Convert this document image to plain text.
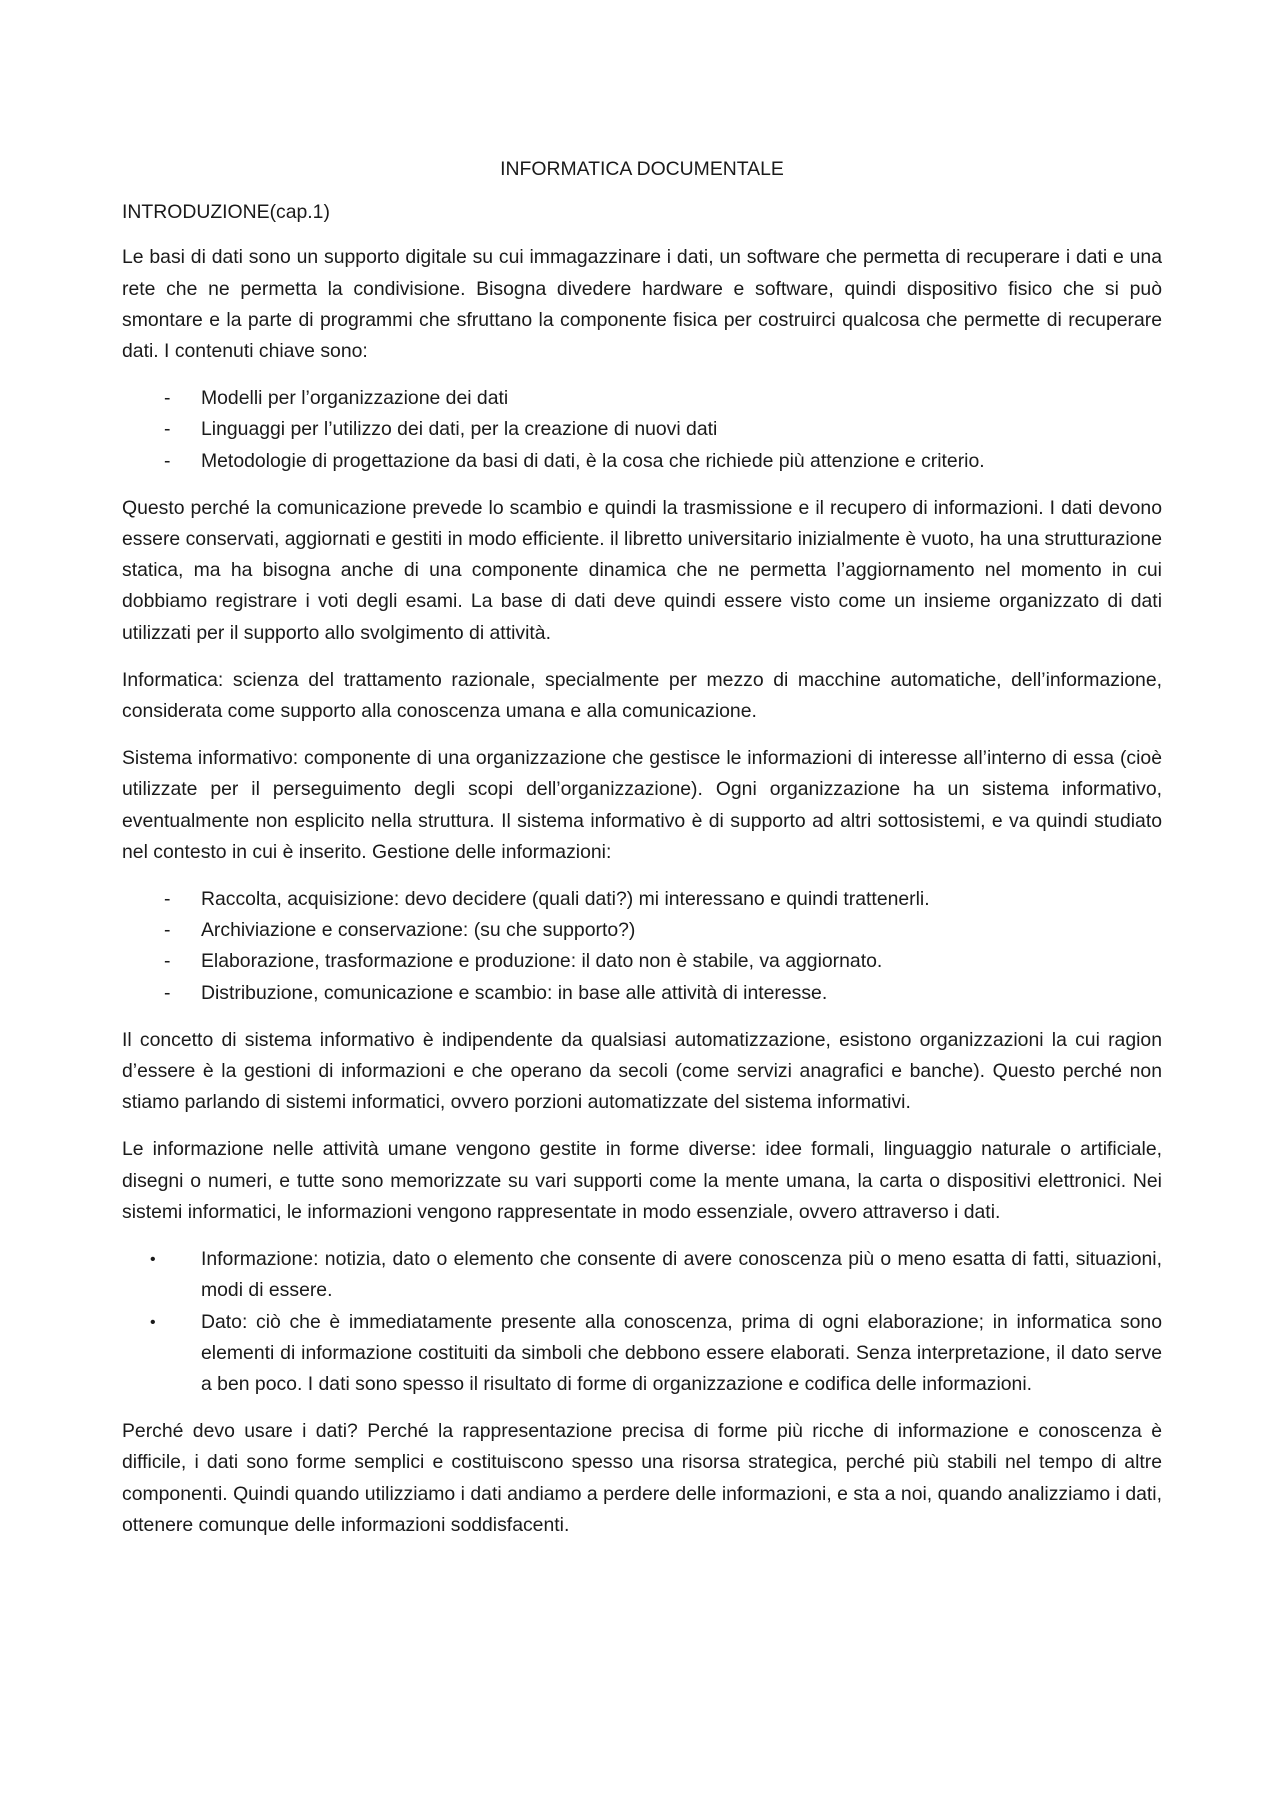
INFORMATICA DOCUMENTALE
INTRODUZIONE(cap.1)

Le basi di dati sono un supporto digitale su cui immagazzinare i dati, un software che permetta di recuperare i dati e una rete che ne permetta la condivisione. Bisogna divedere hardware e software, quindi dispositivo fisico che si può smontare e la parte di programmi che sfruttano la componente fisica per costruirci qualcosa che permette di recuperare dati. I contenuti chiave sono:

-	Modelli per l’organizzazione dei dati
-	Linguaggi per l’utilizzo dei dati, per la creazione di nuovi dati
-	Metodologie di progettazione da basi di dati, è la cosa che richiede più attenzione e criterio.

Questo perché la comunicazione prevede lo scambio e quindi la trasmissione e il recupero di informazioni. I dati devono essere conservati, aggiornati e gestiti in modo efficiente. il libretto universitario inizialmente è vuoto, ha una strutturazione statica, ma ha bisogna anche di una componente dinamica che ne permetta l’aggiornamento nel momento in cui dobbiamo registrare i voti degli esami. La base di dati deve quindi essere visto come un insieme organizzato di dati utilizzati per il supporto allo svolgimento di attività.

Informatica: scienza del trattamento razionale, specialmente per mezzo di macchine automatiche, dell’informazione, considerata come supporto alla conoscenza umana e alla comunicazione.

Sistema informativo: componente di una organizzazione che gestisce le informazioni di interesse all’interno di essa (cioè utilizzate per il perseguimento degli scopi dell’organizzazione). Ogni organizzazione ha un sistema informativo, eventualmente non esplicito nella struttura. Il sistema informativo è di supporto ad altri sottosistemi, e va quindi studiato nel contesto in cui è inserito. Gestione delle informazioni:

-	Raccolta, acquisizione: devo decidere (quali dati?) mi interessano e quindi trattenerli.
-	Archiviazione e conservazione: (su che supporto?)
-	Elaborazione, trasformazione e produzione: il dato non è stabile, va aggiornato.
-	Distribuzione, comunicazione e scambio: in base alle attività di interesse.

Il concetto di sistema informativo è indipendente da qualsiasi automatizzazione, esistono organizzazioni la cui ragion d’essere è la gestioni di informazioni e che operano da secoli (come servizi anagrafici e banche). Questo perché non stiamo parlando di sistemi informatici, ovvero porzioni automatizzate del sistema informativi.

Le informazione nelle attività umane vengono gestite in forme diverse: idee formali, linguaggio naturale o artificiale, disegni o numeri, e tutte sono memorizzate su vari supporti come la mente umana, la carta o dispositivi elettronici. Nei sistemi informatici, le informazioni vengono rappresentate in modo essenziale, ovvero attraverso i dati.

•	Informazione: notizia, dato o elemento che consente di avere conoscenza più o meno esatta di fatti, situazioni, modi di essere.
•	Dato: ciò che è immediatamente presente alla conoscenza, prima di ogni elaborazione; in informatica sono elementi di informazione costituiti da simboli che debbono essere elaborati. Senza interpretazione, il dato serve a ben poco. I dati sono spesso il risultato di forme di organizzazione e codifica delle informazioni.

Perché devo usare i dati? Perché la rappresentazione precisa di forme più ricche di informazione e conoscenza è difficile, i dati sono forme semplici e costituiscono spesso una risorsa strategica, perché più stabili nel tempo di altre componenti. Quindi quando utilizziamo i dati andiamo a perdere delle informazioni, e sta a noi, quando analizziamo i dati, ottenere comunque delle informazioni soddisfacenti.
